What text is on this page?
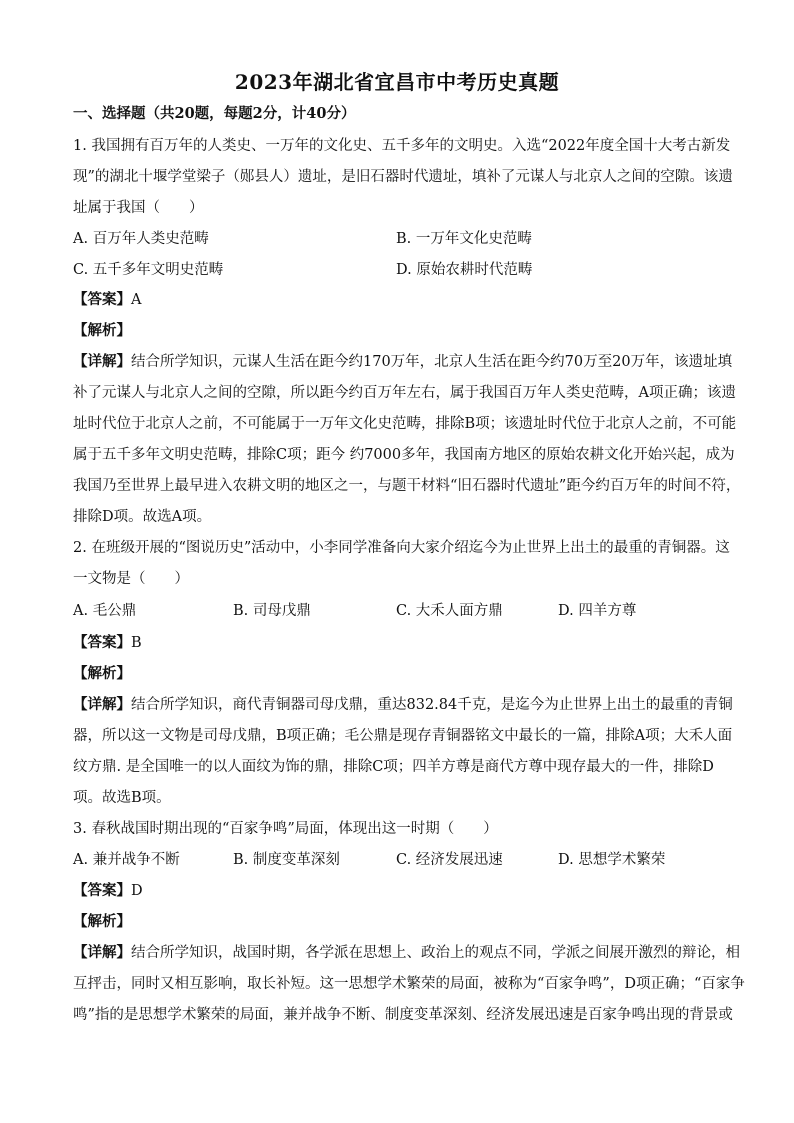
2023年湖北省宜昌市中考历史真题
一、选择题（共20题，每题2分，计40分）
1. 我国拥有百万年的人类史、一万年的文化史、五千多年的文明史。入选“2022年度全国十大考古新发
现”的湖北十堰学堂梁子（郧县人）遗址，是旧石器时代遗址，填补了元谋人与北京人之间的空隙。该遗
址属于我国（　　）
A. 百万年人类史范畴	B. 一万年文化史范畴
C. 五千多年文明史范畴	D. 原始农耕时代范畴
【答案】A
【解析】
【详解】结合所学知识，元谋人生活在距今约170万年，北京人生活在距今约70万至20万年，该遗址填
补了元谋人与北京人之间的空隙，所以距今约百万年左右，属于我国百万年人类史范畴，A项正确；该遗
址时代位于北京人之前，不可能属于一万年文化史范畴，排除B项；该遗址时代位于北京人之前，不可能
属于五千多年文明史范畴，排除C项；距今 约7000多年，我国南方地区的原始农耕文化开始兴起，成为
我国乃至世界上最早进入农耕文明的地区之一，与题干材料“旧石器时代遗址”距今约百万年的时间不符，
排除D项。故选A项。
2. 在班级开展的“图说历史”活动中，小李同学准备向大家介绍迄今为止世界上出土的最重的青铜器。这
一文物是（　　）
A. 毛公鼎	B. 司母戊鼎	C. 大禾人面方鼎	D. 四羊方尊
【答案】B
【解析】
【详解】结合所学知识，商代青铜器司母戊鼎，重达832.84千克，是迄今为止世界上出土的最重的青铜
器，所以这一文物是司母戊鼎，B项正确；毛公鼎是现存青铜器铭文中最长的一篇，排除A项；大禾人面
纹方鼎. 是全国唯一的以人面纹为饰的鼎，排除C项；四羊方尊是商代方尊中现存最大的一件，排除D
项。故选B项。
3. 春秋战国时期出现的“百家争鸣”局面，体现出这一时期（　　）
A. 兼并战争不断	B. 制度变革深刻	C. 经济发展迅速	D. 思想学术繁荣
【答案】D
【解析】
【详解】结合所学知识，战国时期，各学派在思想上、政治上的观点不同，学派之间展开激烈的辩论，相
互抨击，同时又相互影响，取长补短。这一思想学术繁荣的局面，被称为“百家争鸣”，D项正确；“百家争
鸣”指的是思想学术繁荣的局面，兼并战争不断、制度变革深刻、经济发展迅速是百家争鸣出现的背景或
